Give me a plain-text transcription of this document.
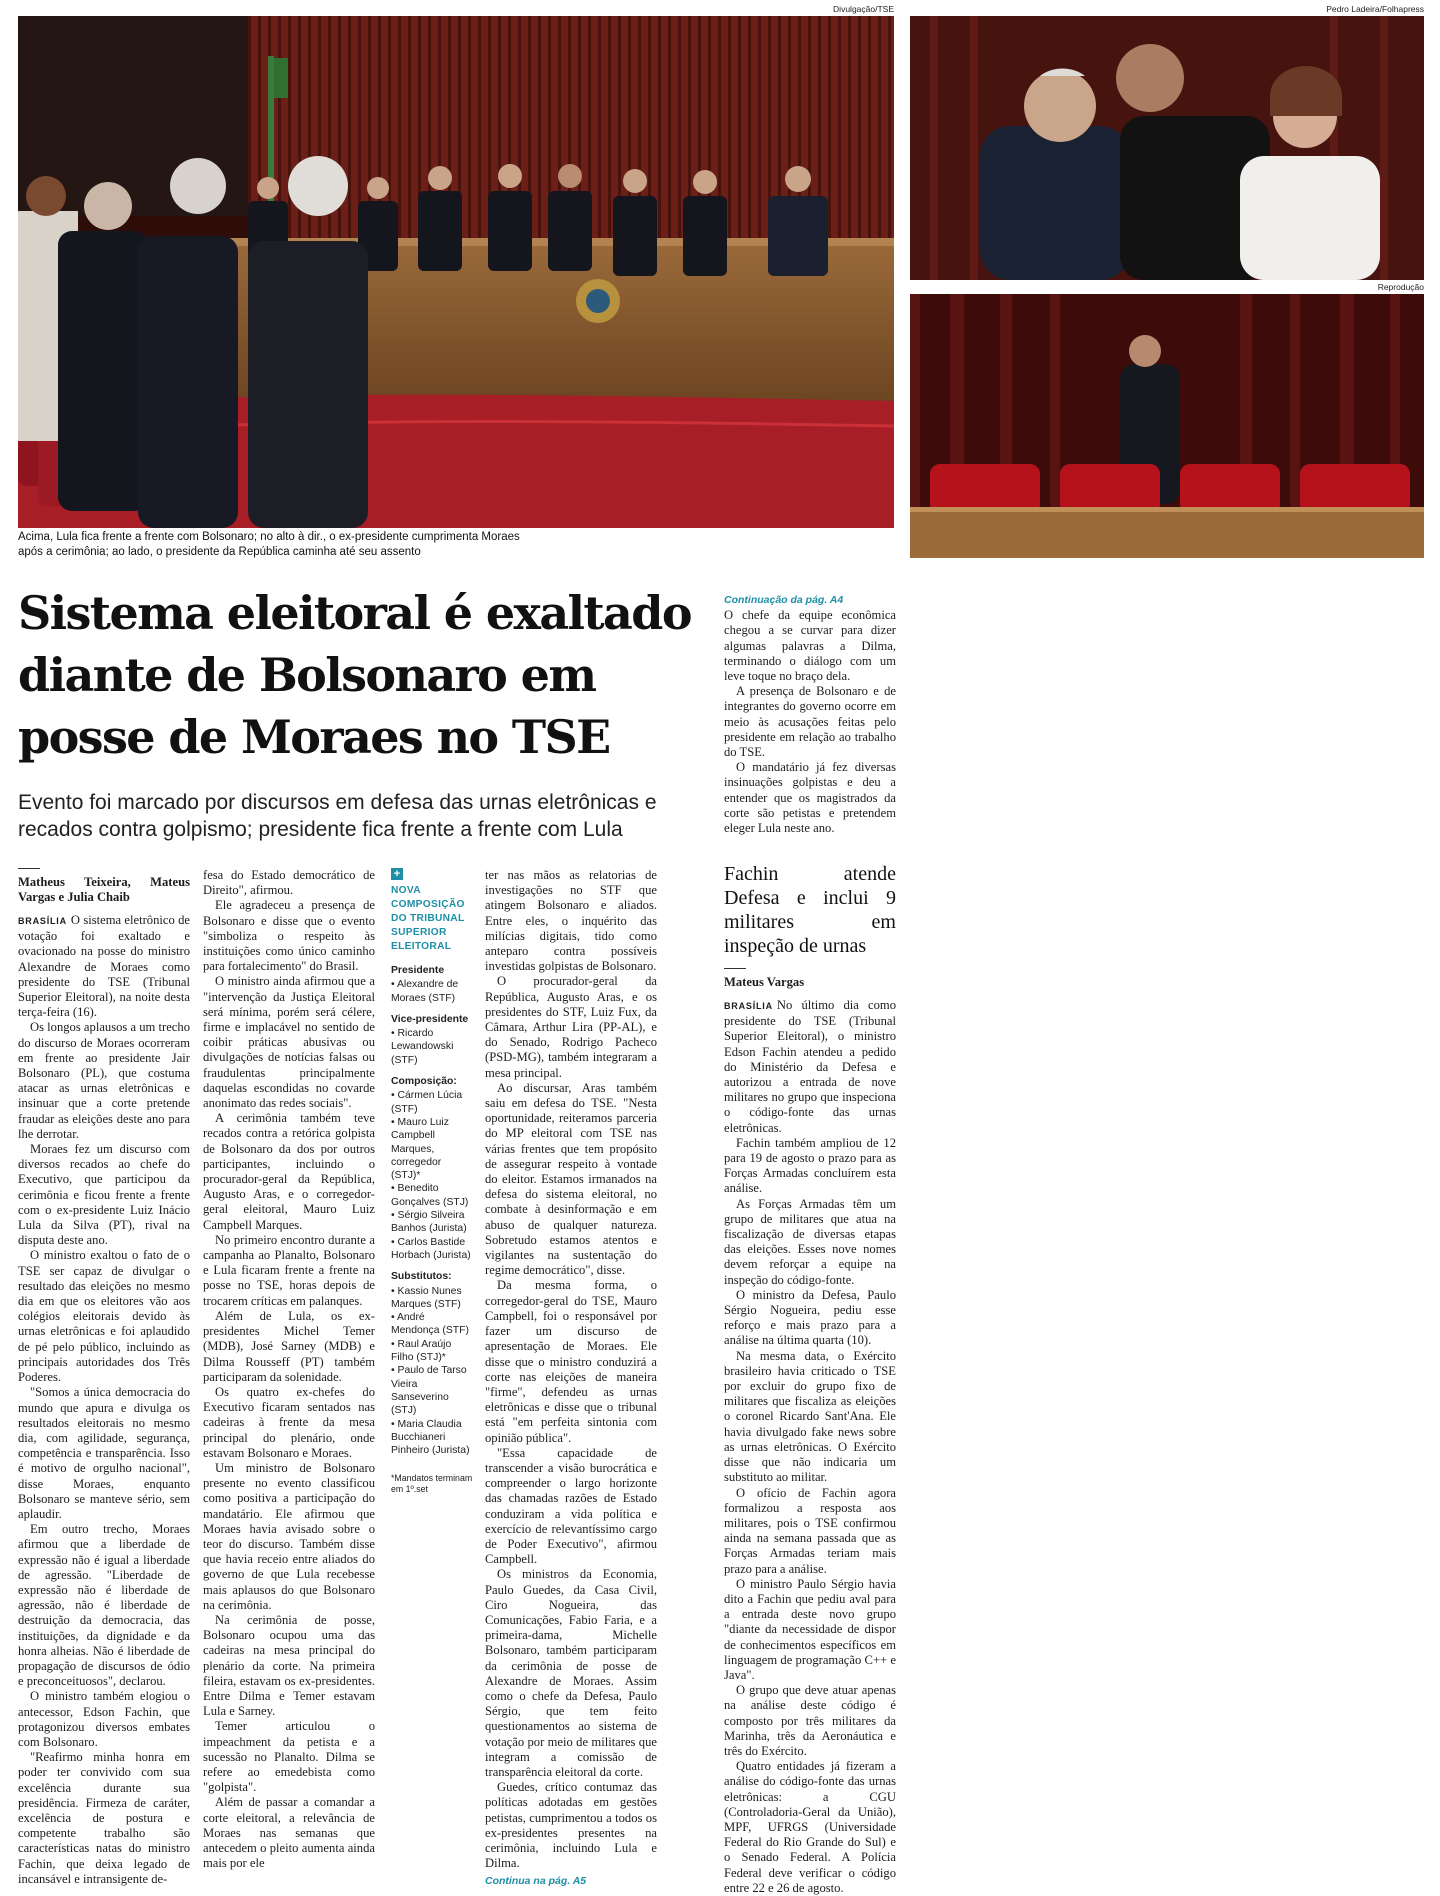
Divulgação/TSE	Pedro Ladeira/Folhapress
Reprodução
Acima, Lula fica frente a frente com Bolsonaro; no alto à dir., o ex-presidente cumprimenta Moraes após a cerimônia; ao lado, o presidente da República caminha até seu assento
Sistema eleitoral é exaltado diante de Bolsonaro em posse de Moraes no TSE
Evento foi marcado por discursos em defesa das urnas eletrônicas e recados contra golpismo; presidente fica frente a frente com Lula
Matheus Teixeira, Mateus Vargas e Julia Chaib

BRASÍLIA O sistema eletrônico de votação foi exaltado e ovacionado na posse do ministro Alexandre de Moraes como presidente do TSE (Tribunal Superior Eleitoral), na noite desta terça-feira (16).

Os longos aplausos a um trecho do discurso de Moraes ocorreram em frente ao presidente Jair Bolsonaro (PL), que costuma atacar as urnas eletrônicas e insinuar que a corte pretende fraudar as eleições deste ano para lhe derrotar.

Moraes fez um discurso com diversos recados ao chefe do Executivo, que participou da cerimônia e ficou frente a frente com o ex-presidente Luiz Inácio Lula da Silva (PT), rival na disputa deste ano.

O ministro exaltou o fato de o TSE ser capaz de divulgar o resultado das eleições no mesmo dia em que os eleitores vão aos colégios eleitorais devido às urnas eletrônicas e foi aplaudido de pé pelo público, incluindo as principais autoridades dos Três Poderes.

"Somos a única democracia do mundo que apura e divulga os resultados eleitorais no mesmo dia, com agilidade, segurança, competência e transparência. Isso é motivo de orgulho nacional", disse Moraes, enquanto Bolsonaro se manteve sério, sem aplaudir.

Em outro trecho, Moraes afirmou que a liberdade de expressão não é igual a liberdade de agressão. "Liberdade de expressão não é liberdade de agressão, não é liberdade de destruição da democracia, das instituições, da dignidade e da honra alheias. Não é liberdade de propagação de discursos de ódio e preconceituosos", declarou.

O ministro também elogiou o antecessor, Edson Fachin, que protagonizou diversos embates com Bolsonaro.

"Reafirmo minha honra em poder ter convivido com sua excelência durante sua presidência. Firmeza de caráter, excelência de postura e competente trabalho são características natas do ministro Fachin, que deixa legado de incansável e intransigente de-

fesa do Estado democrático de Direito", afirmou.

Ele agradeceu a presença de Bolsonaro e disse que o evento "simboliza o respeito às instituições como único caminho para fortalecimento" do Brasil.

O ministro ainda afirmou que a "intervenção da Justiça Eleitoral será mínima, porém será célere, firme e implacável no sentido de coibir práticas abusivas ou divulgações de notícias falsas ou fraudulentas principalmente daquelas escondidas no covarde anonimato das redes sociais".

A cerimônia também teve recados contra a retórica golpista de Bolsonaro da dos por outros participantes, incluindo o procurador-geral da República, Augusto Aras, e o corregedor-geral eleitoral, Mauro Luiz Campbell Marques.

No primeiro encontro durante a campanha ao Planalto, Bolsonaro e Lula ficaram frente a frente na posse no TSE, horas depois de trocarem críticas em palanques.

Além de Lula, os ex-presidentes Michel Temer (MDB), José Sarney (MDB) e Dilma Rousseff (PT) também participaram da solenidade.

Os quatro ex-chefes do Executivo ficaram sentados nas cadeiras à frente da mesa principal do plenário, onde estavam Bolsonaro e Moraes.

Um ministro de Bolsonaro presente no evento classificou como positiva a participação do mandatário. Ele afirmou que Moraes havia avisado sobre o teor do discurso. Também disse que havia receio entre aliados do governo de que Lula recebesse mais aplausos do que Bolsonaro na cerimônia.

Na cerimônia de posse, Bolsonaro ocupou uma das cadeiras na mesa principal do plenário da corte. Na primeira fileira, estavam os ex-presidentes. Entre Dilma e Temer estavam Lula e Sarney.

Temer articulou o impeachment da petista e a sucessão no Planalto. Dilma se refere ao emedebista como "golpista".

Além de passar a comandar a corte eleitoral, a relevância de Moraes nas semanas que antecedem o pleito aumenta ainda mais por ele

+
NOVA COMPOSIÇÃO DO TRIBUNAL SUPERIOR ELEITORAL
Presidente
• Alexandre de Moraes (STF)
Vice-presidente
• Ricardo Lewandowski (STF)
Composição:
• Cármen Lúcia (STF)
• Mauro Luiz Campbell Marques, corregedor (STJ)*
• Benedito Gonçalves (STJ)
• Sérgio Silveira Banhos (Jurista)
• Carlos Bastide Horbach (Jurista)
Substitutos:
• Kassio Nunes Marques (STF)
• André Mendonça (STF)
• Raul Araújo Filho (STJ)*
• Paulo de Tarso Vieira Sanseverino (STJ)
• Maria Claudia Bucchianeri Pinheiro (Jurista)
*Mandatos terminam em 1º.set

ter nas mãos as relatorias de investigações no STF que atingem Bolsonaro e aliados. Entre eles, o inquérito das milícias digitais, tido como anteparo contra possíveis investidas golpistas de Bolsonaro.

O procurador-geral da República, Augusto Aras, e os presidentes do STF, Luiz Fux, da Câmara, Arthur Lira (PP-AL), e do Senado, Rodrigo Pacheco (PSD-MG), também integraram a mesa principal.

Ao discursar, Aras também saiu em defesa do TSE. "Nesta oportunidade, reiteramos parceria do MP eleitoral com TSE nas várias frentes que tem propósito de assegurar respeito à vontade do eleitor. Estamos irmanados na defesa do sistema eleitoral, no combate à desinformação e em abuso de qualquer natureza. Sobretudo estamos atentos e vigilantes na sustentação do regime democrático", disse.

Da mesma forma, o corregedor-geral do TSE, Mauro Campbell, foi o responsável por fazer um discurso de apresentação de Moraes. Ele disse que o ministro conduzirá a corte nas eleições de maneira "firme", defendeu as urnas eletrônicas e disse que o tribunal está "em perfeita sintonia com opinião pública".

"Essa capacidade de transcender a visão burocrática e compreender o largo horizonte das chamadas razões de Estado conduziram a vida política e exercício de relevantíssimo cargo de Poder Executivo", afirmou Campbell.

Os ministros da Economia, Paulo Guedes, da Casa Civil, Ciro Nogueira, das Comunicações, Fabio Faria, e a primeira-dama, Michelle Bolsonaro, também participaram da cerimônia de posse de Alexandre de Moraes. Assim como o chefe da Defesa, Paulo Sérgio, que tem feito questionamentos ao sistema de votação por meio de militares que integram a comissão de transparência eleitoral da corte.

Guedes, crítico contumaz das políticas adotadas em gestões petistas, cumprimentou a todos os ex-presidentes presentes na cerimônia, incluindo Lula e Dilma.

Continua na pág. A5

Continuação da pág. A4

O chefe da equipe econômica chegou a se curvar para dizer algumas palavras a Dilma, terminando o diálogo com um leve toque no braço dela.

A presença de Bolsonaro e de integrantes do governo ocorre em meio às acusações feitas pelo presidente em relação ao trabalho do TSE.

O mandatário já fez diversas insinuações golpistas e deu a entender que os magistrados da corte são petistas e pretendem eleger Lula neste ano.

Fachin atende Defesa e inclui 9 militares em inspeção de urnas
Mateus Vargas

BRASÍLIA No último dia como presidente do TSE (Tribunal Superior Eleitoral), o ministro Edson Fachin atendeu a pedido do Ministério da Defesa e autorizou a entrada de nove militares no grupo que inspeciona o código-fonte das urnas eletrônicas.

Fachin também ampliou de 12 para 19 de agosto o prazo para as Forças Armadas concluírem esta análise.

As Forças Armadas têm um grupo de militares que atua na fiscalização de diversas etapas das eleições. Esses nove nomes devem reforçar a equipe na inspeção do código-fonte.

O ministro da Defesa, Paulo Sérgio Nogueira, pediu esse reforço e mais prazo para a análise na última quarta (10).

Na mesma data, o Exército brasileiro havia criticado o TSE por excluir do grupo fixo de militares que fiscaliza as eleições o coronel Ricardo Sant'Ana. Ele havia divulgado fake news sobre as urnas eletrônicas. O Exército disse que não indicaria um substituto ao militar.

O ofício de Fachin agora formalizou a resposta aos militares, pois o TSE confirmou ainda na semana passada que as Forças Armadas teriam mais prazo para a análise.

O ministro Paulo Sérgio havia dito a Fachin que pediu aval para a entrada deste novo grupo "diante da necessidade de dispor de conhecimentos específicos em linguagem de programação C++ e Java".

O grupo que deve atuar apenas na análise deste código é composto por três militares da Marinha, três da Aeronáutica e três do Exército.

Quatro entidades já fizeram a análise do código-fonte das urnas eletrônicas: a CGU (Controladoria-Geral da União), MPF, UFRGS (Universidade Federal do Rio Grande do Sul) e o Senado Federal. A Polícia Federal deve verificar o código entre 22 e 26 de agosto.
